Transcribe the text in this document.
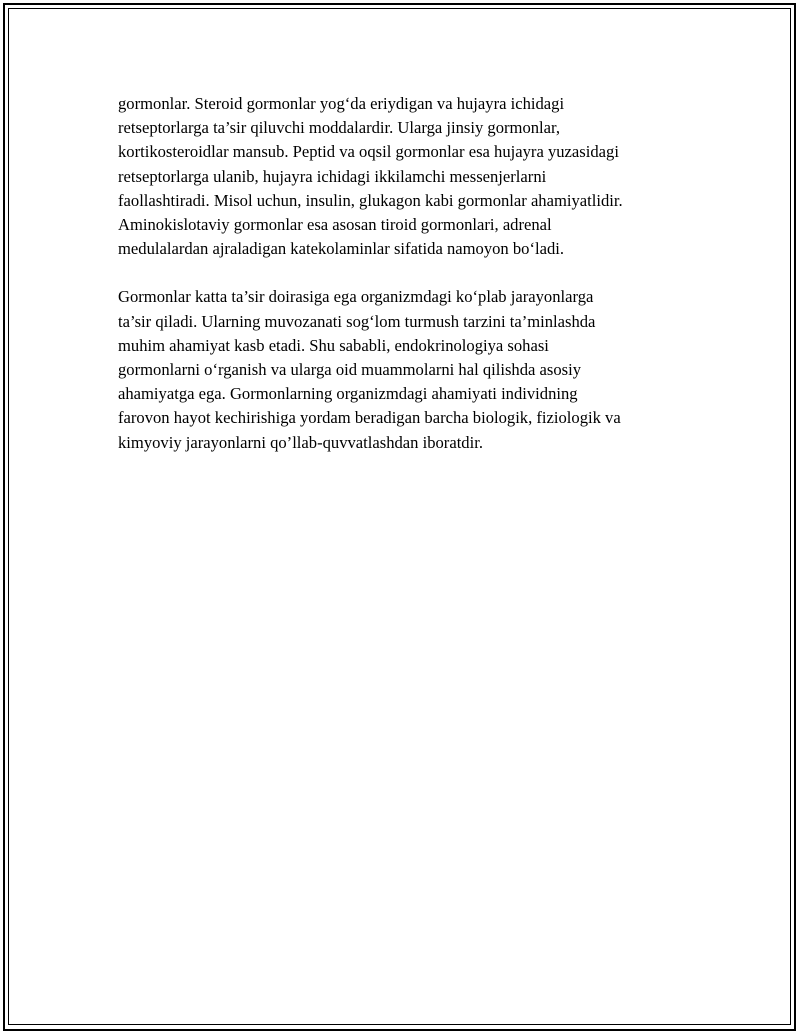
gormonlar. Steroid gormonlar yog‘da eriydigan va hujayra ichidagi
retseptorlarga ta’sir qiluvchi moddalardir. Ularga jinsiy gormonlar,
kortikosteroidlar mansub. Peptid va oqsil gormonlar esa hujayra yuzasidagi
retseptorlarga ulanib, hujayra ichidagi ikkilamchi messenjerlarni
faollashtiradi. Misol uchun, insulin, glukagon kabi gormonlar ahamiyatlidir.
Aminokislotaviy gormonlar esa asosan tiroid gormonlari, adrenal
medulalardan ajraladigan katekolaminlar sifatida namoyon bo‘ladi.

Gormonlar katta ta’sir doirasiga ega organizmdagi ko‘plab jarayonlarga
ta’sir qiladi. Ularning muvozanati sog‘lom turmush tarzini ta’minlashda
muhim ahamiyat kasb etadi. Shu sababli, endokrinologiya sohasi
gormonlarni o‘rganish va ularga oid muammolarni hal qilishda asosiy
ahamiyatga ega. Gormonlarning organizmdagi ahamiyati individning
farovon hayot kechirishiga yordam beradigan barcha biologik, fiziologik va
kimyoviy jarayonlarni qo’llab-quvvatlashdan iboratdir.
